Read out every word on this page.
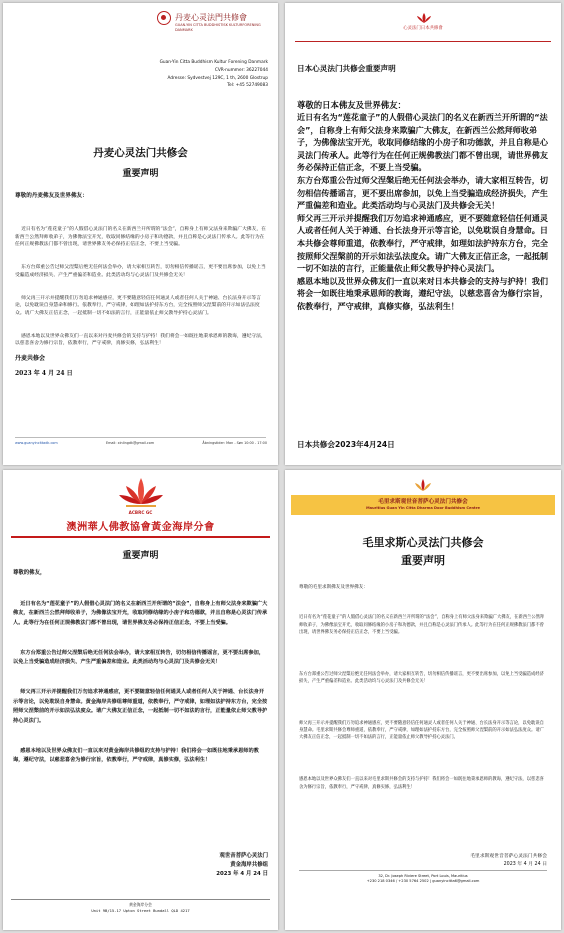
丹麦心灵法門共修會
GUAN-YIN CITTA BUDDHISTISK KULTURFORENING DANMARK
Guan-Yin Citta Buddhism Kultur Forening Danmark
CVR-nummer: 36227044
Adresse: Sydvestvej 129C, 1 th, 2600 Glostrup
Tel: +45 52749083
丹麦心灵法门共修会
重要声明
尊敬的丹麦佛友及世界佛友：

近日有名为“莲花童子”的人假借心灵法门的名义在新西兰开所谓的“法会”，自称身上有师父法身来欺骗广大佛友，在新西兰公然拜师收弟子，为佛像法宝开光，收取同修结缘的小房子和功德款，并且自称是心灵法门传承人。此等行为在任何正规佛教法门都不曾出现，请世界佛友务必保持正信正念，不要上当受骗。

东方台郑重公告过师父涅槃后绝无任何法会举办，请大家相互转告，切勿相信传播谣言，更不要出席参加，以免上当受骗造成经济损失、产生严重偏差和造业。此类活动均与心灵法门及共修会无关！

师父再三开示并提醒我们万勿追求神通感应，更不要随意轻信任何通灵人或者任何人关于神通、台长法身开示等言论，以免耽误自身慧命和修行。依教奉行，严守戒律，如理如法护持东方台，完全按照师父涅槃前的开示如法弘法度众。请广大佛友正信正念，一起抵制一切不如法的言行，正能量依止师父教导护持心灵法门。

感恩本地以及世界众佛友们一直以来对丹麦共修会的支持与护持！我们将会一如既往地秉承恩师的教诲，遵纪守法，以慈悲喜舍为修行宗旨，依教奉行，严守戒律，真修实修，弘法利生！

丹麦共修会
2023 年 4 月 24 日
www.guanyincittadk.com	Email: xinlingdk@gmail.com	Åbningstider: Man - Søn 10:00 - 17:00
心灵法门日本共修會
日本心灵法门共修会重要声明
尊敬的日本佛友及世界佛友：
近日有名为“莲花童子”的人假借心灵法门的名义在新西兰开所谓的“法会”，自称身上有师父法身来欺骗广大佛友，在新西兰公然拜师收弟子，为佛像法宝开光，收取同修结缘的小房子和功德款，并且自称是心灵法门传承人。此等行为在任何正规佛教法门都不曾出现，请世界佛友务必保持正信正念，不要上当受骗。
东方台郑重公告过师父涅槃后绝无任何法会举办，请大家相互转告，切勿相信传播谣言，更不要出席参加，以免上当受骗造成经济损失，产生严重偏差和造业。此类活动均与心灵法门及共修会无关！
师父再三开示并提醒我们万勿追求神通感应，更不要随意轻信任何通灵人或者任何人关于神通、台长法身开示等言论，以免耽误自身慧命。日本共修会尊师重道，依教奉行，严守戒律，如理如法护持东方台，完全按照师父涅槃前的开示如法弘法度众。请广大佛友正信正念，一起抵制一切不如法的言行，正能量依止师父教导护持心灵法门。
感恩本地以及世界众佛友们一直以来对日本共修会的支持与护持！我们将会一如既往地秉承恩师的教诲，遵纪守法，以慈悲喜舍为修行宗旨，依教奉行，严守戒律，真修实修，弘法利生！
日本共修会2023年4月24日
ACBRC GC
澳洲華人佛教協會黃金海岸分會
重要声明
尊敬的佛友，

近日有名为“莲花童子”的人假借心灵法门的名义在新西兰开所谓的“法会”，自称身上有师父法身来欺骗广大佛友，在新西兰公然拜师收弟子，为佛像法宝开光，收取同修结缘的小房子和功德款，并且自称是心灵法门传承人。此等行为在任何正规佛教法门都不曾出现，请世界佛友务必保持正信正念，不要上当受骗。

东方台郑重公告过师父涅槃后绝无任何法会举办，请大家相互转告，切勿相信传播谣言，更不要出席参加，以免上当受骗造成经济损失、产生严重偏差和造业。此类活动均与心灵法门及共修会无关！

师父再三开示并提醒我们万勿追求神通感应，更不要随意轻信任何通灵人或者任何人关于神通、台长法身开示等言论，以免耽误自身慧命。黄金海岸共修组尊师重道，依教奉行，严守戒律，如理如法护持东方台，完全按照师父涅槃前的开示如法弘法度众。请广大佛友正信正念，一起抵制一切不如法的言行，正能量依止师父教导护持心灵法门。

感恩本地以及世界众佛友们一直以来对黄金海岸共修组的支持与护持！我们将会一如既往地秉承恩师的教诲，遵纪守法，以慈悲喜舍为修行宗旨，依教奉行，严守戒律，真修实修，弘法利生！

观世音菩萨心灵法门
黄金海岸共修组
2023 年 4 月 24 日
黄金海岸分会
Unit 9B/15-17 Upton Street Bundall QLD 4217
毛里求斯观世音菩萨心灵法门共修会
Mauritius Guan Yin Citta Dharma Door Buddhism Centre
毛里求斯心灵法门共修会
重要声明
尊敬的毛里求斯佛友及世界佛友：

近日有名为“莲花童子”的人假借心灵法门的名义在新西兰开所谓的“法会”，自称身上有师父法身来欺骗广大佛友，在新西兰公然拜师收弟子，为佛像法宝开光，收取同修结缘的小房子和功德款，并且自称是心灵法门传承人。此等行为在任何正规佛教法门都不曾出现，请世界佛友务必保持正信正念，不要上当受骗。

东方台郑重公告过师父涅槃后绝无任何法会举办，请大家相互转告，切勿相信传播谣言，更不要出席参加，以免上当受骗造成经济损失，产生严重偏差和造业。此类活动均与心灵法门及共修会无关！

师父再三开示并提醒我们万勿追求神通感应，更不要随意轻信任何通灵人或者任何人关于神通、台长法身开示等言论，以免耽误自身慧命。毛里求斯共修会尊师重道，依教奉行，严守戒律，如理如法护持东方台，完全按照师父涅槃前的开示如法弘法度众。请广大佛友正信正念，一起抵制一切不如法的言行，正能量依止师父教导护持心灵法门。

感恩本地以及世界众佛友们一直以来对毛里求斯共修会的支持与护持！我们将会一如既往地秉承恩师的教诲，遵纪守法，以慈悲喜舍为修行宗旨，依教奉行，严守戒律，真修实修，弘法利生！

毛里求斯观世音菩萨心灵法门共修会
2023 年 4 月 24 日
32, Dr. Joseph Riviere Street, Port Louis, Mauritius
+230 218 0346 / +230 5764 2502 | guanyincitta6@gmail.com
